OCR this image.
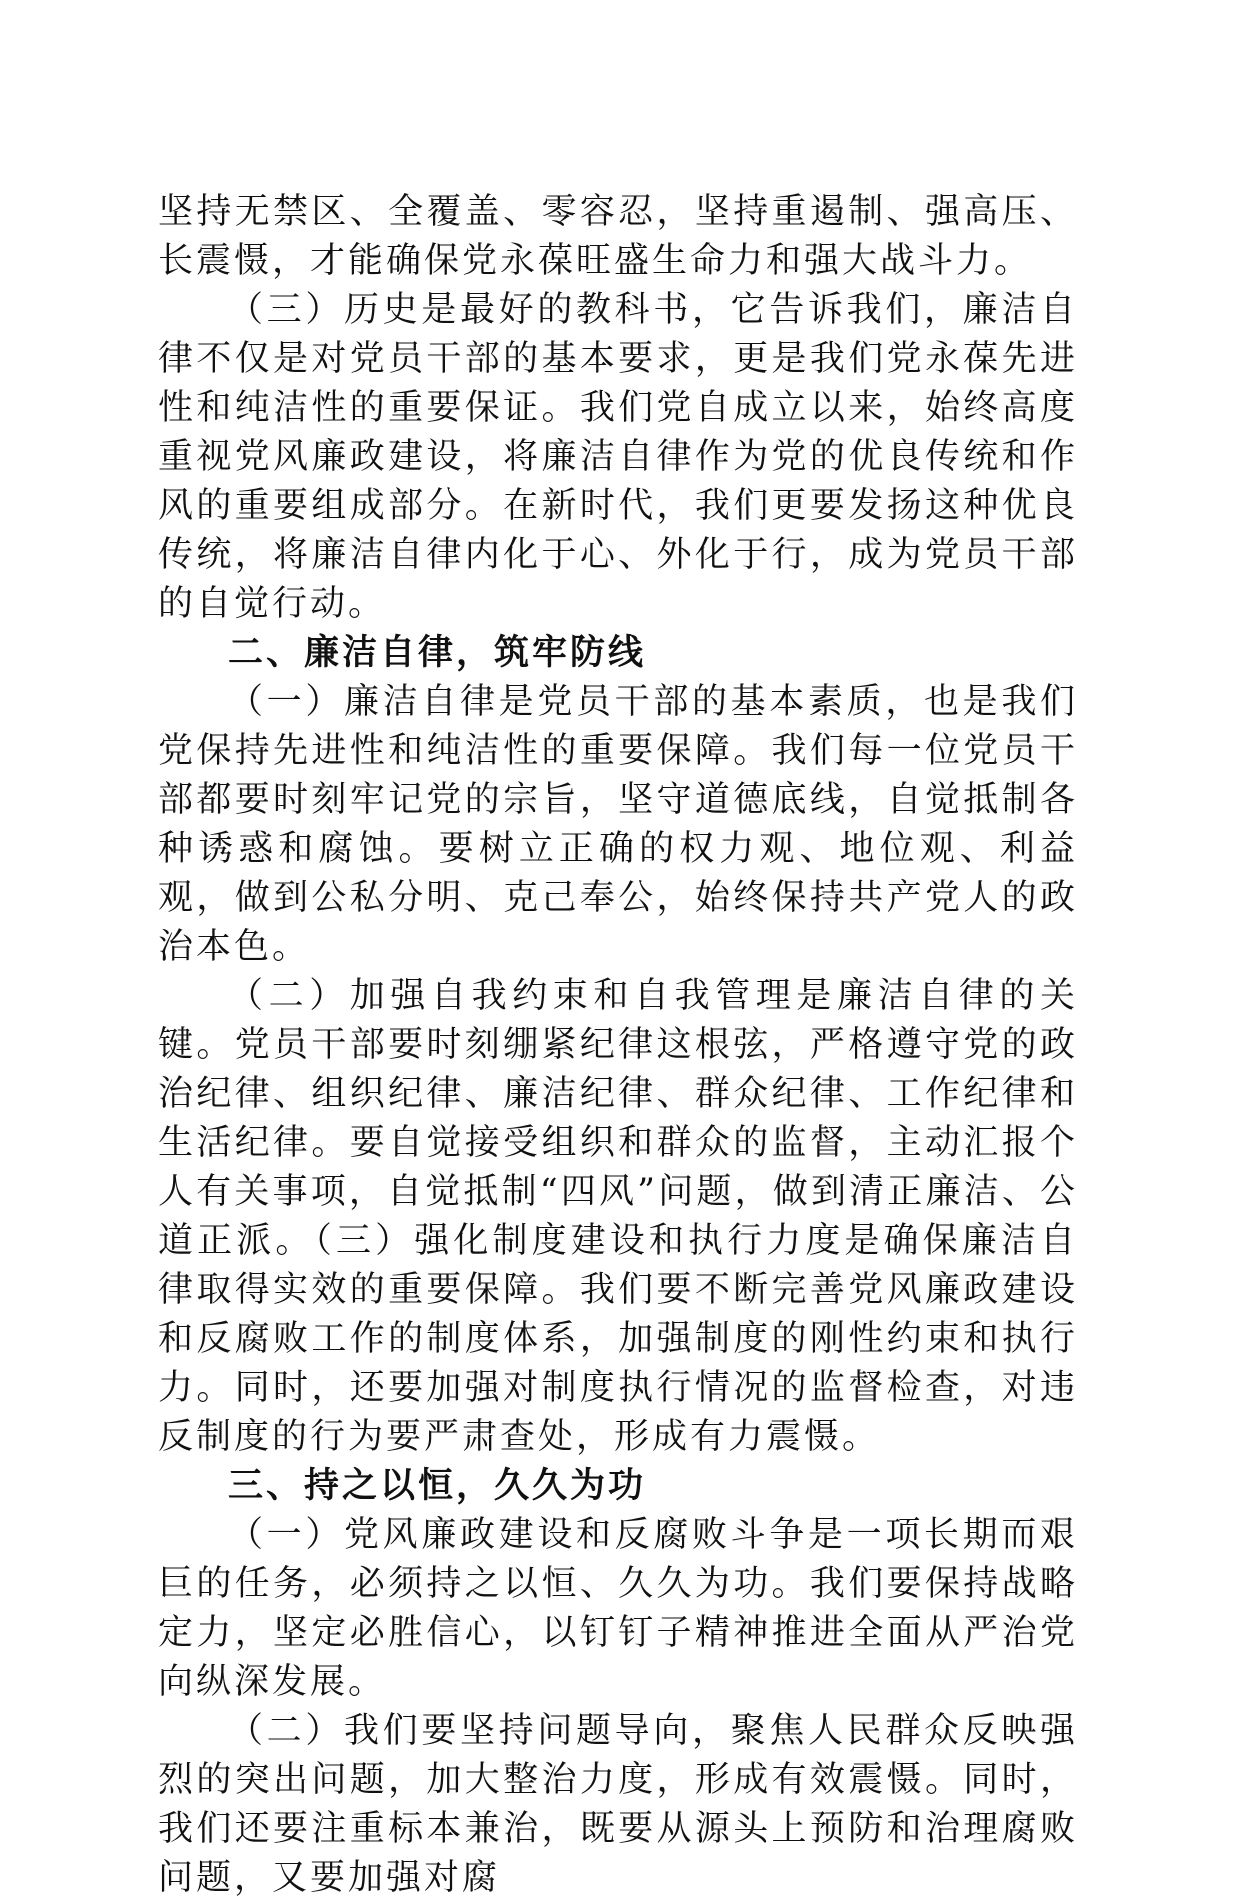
坚持无禁区、全覆盖、零容忍，坚持重遏制、强高压、长震慑，才能确保党永葆旺盛生命力和强大战斗力。

（三）历史是最好的教科书，它告诉我们，廉洁自律不仅是对党员干部的基本要求，更是我们党永葆先进性和纯洁性的重要保证。我们党自成立以来，始终高度重视党风廉政建设，将廉洁自律作为党的优良传统和作风的重要组成部分。在新时代，我们更要发扬这种优良传统，将廉洁自律内化于心、外化于行，成为党员干部的自觉行动。

二、廉洁自律，筑牢防线

（一）廉洁自律是党员干部的基本素质，也是我们党保持先进性和纯洁性的重要保障。我们每一位党员干部都要时刻牢记党的宗旨，坚守道德底线，自觉抵制各种诱惑和腐蚀。要树立正确的权力观、地位观、利益观，做到公私分明、克己奉公，始终保持共产党人的政治本色。

（二）加强自我约束和自我管理是廉洁自律的关键。党员干部要时刻绷紧纪律这根弦，严格遵守党的政治纪律、组织纪律、廉洁纪律、群众纪律、工作纪律和生活纪律。要自觉接受组织和群众的监督，主动汇报个人有关事项，自觉抵制“四风”问题，做到清正廉洁、公道正派。（三）强化制度建设和执行力度是确保廉洁自律取得实效的重要保障。我们要不断完善党风廉政建设和反腐败工作的制度体系，加强制度的刚性约束和执行力。同时，还要加强对制度执行情况的监督检查，对违反制度的行为要严肃查处，形成有力震慑。

三、持之以恒，久久为功

（一）党风廉政建设和反腐败斗争是一项长期而艰巨的任务，必须持之以恒、久久为功。我们要保持战略定力，坚定必胜信心，以钉钉子精神推进全面从严治党向纵深发展。

（二）我们要坚持问题导向，聚焦人民群众反映强烈的突出问题，加大整治力度，形成有效震慑。同时，我们还要注重标本兼治，既要从源头上预防和治理腐败问题，又要加强对腐
